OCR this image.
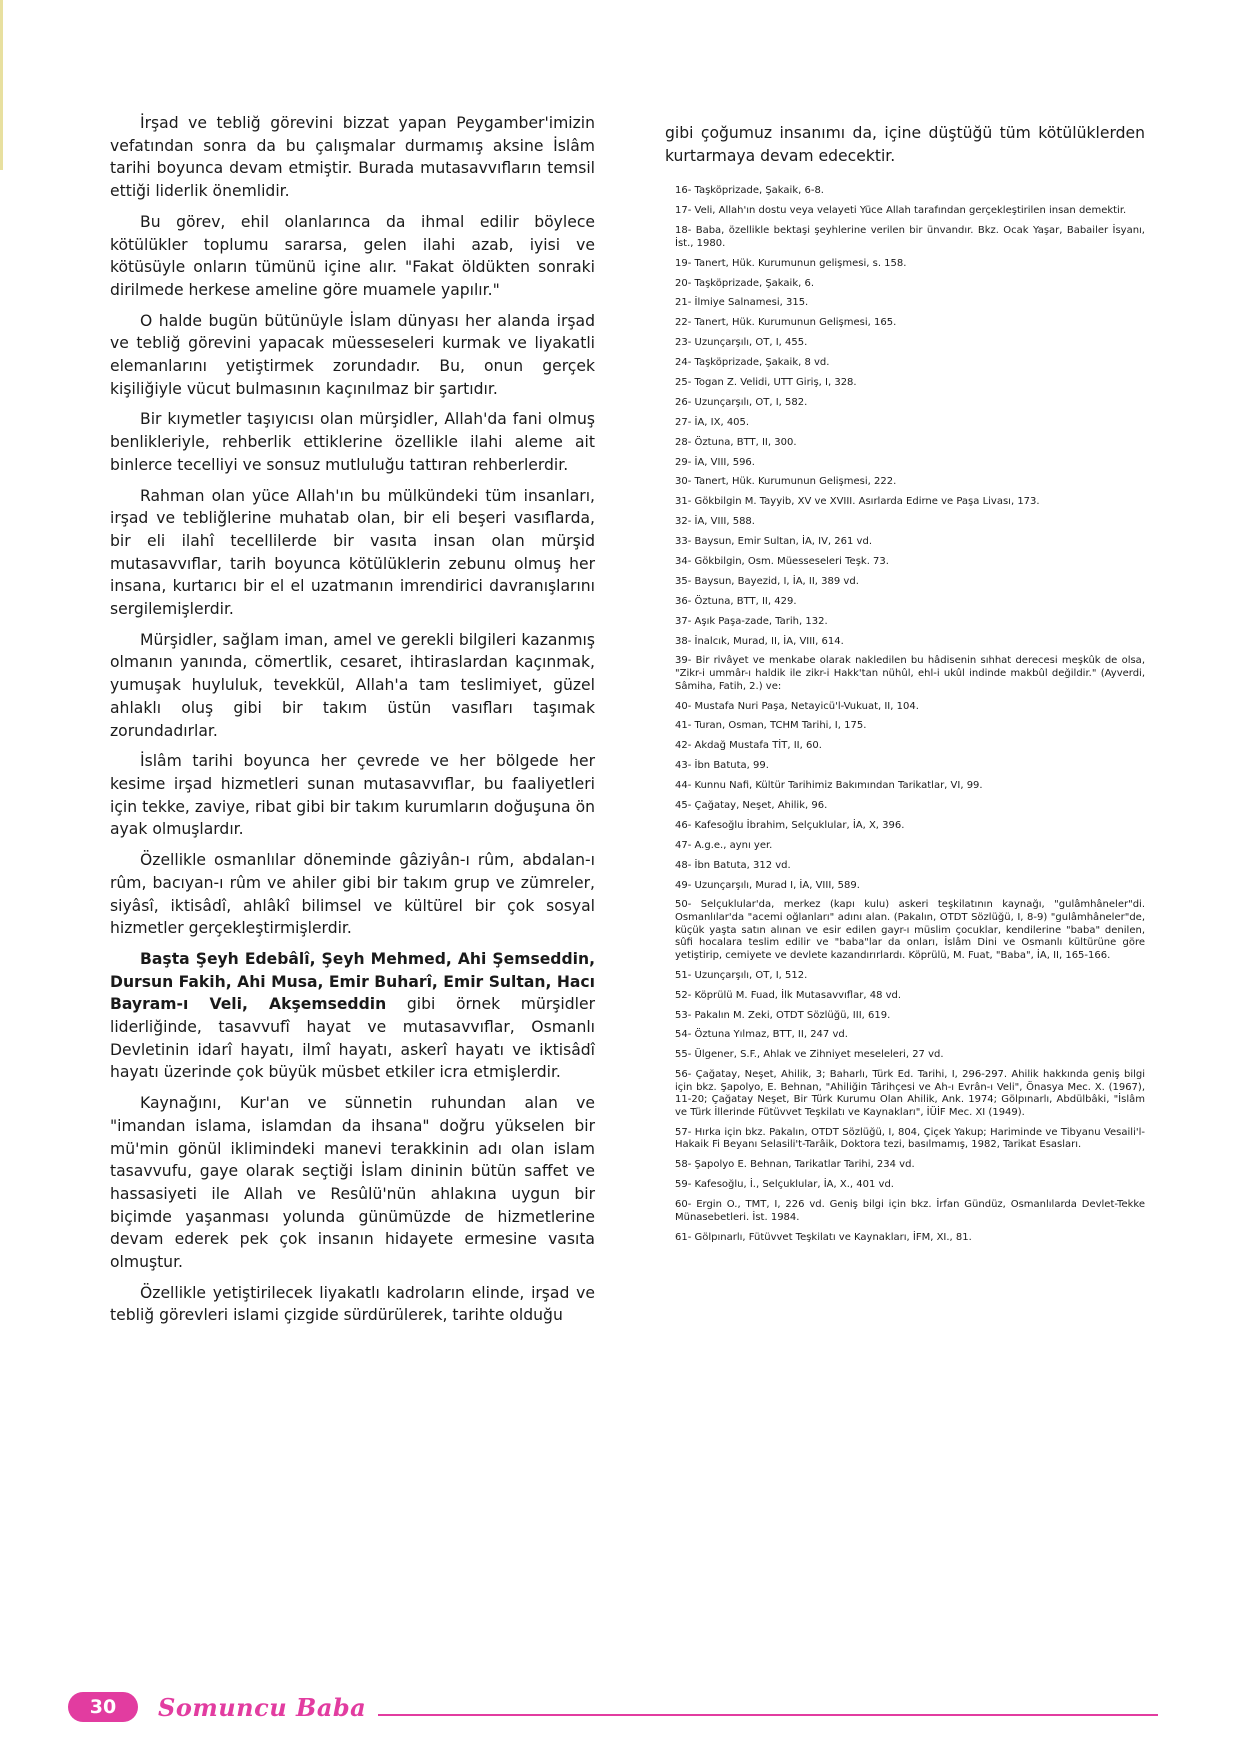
İrşad ve tebliğ görevini bizzat yapan Peygamber'imizin vefatından sonra da bu çalışmalar durmamış aksine İslâm tarihi boyunca devam etmiştir. Burada mutasavvıfların temsil ettiği liderlik önemlidir.

Bu görev, ehil olanlarınca da ihmal edilir böylece kötülükler toplumu sararsa, gelen ilahi azab, iyisi ve kötüsüyle onların tümünü içine alır. "Fakat öldükten sonraki dirilmede herkese ameline göre muamele yapılır."

O halde bugün bütünüyle İslam dünyası her alanda irşad ve tebliğ görevini yapacak müesseseleri kurmak ve liyakatli elemanlarını yetiştirmek zorundadır. Bu, onun gerçek kişiliğiyle vücut bulmasının kaçınılmaz bir şartıdır.

Bir kıymetler taşıyıcısı olan mürşidler, Allah'da fani olmuş benlikleriyle, rehberlik ettiklerine özellikle ilahi aleme ait binlerce tecelliyi ve sonsuz mutluluğu tattıran rehberlerdir.

Rahman olan yüce Allah'ın bu mülkündeki tüm insanları, irşad ve tebliğlerine muhatab olan, bir eli beşeri vasıflarda, bir eli ilahî tecellilerde bir vasıta insan olan mürşid mutasavvıflar, tarih boyunca kötülüklerin zebunu olmuş her insana, kurtarıcı bir el el uzatmanın imrendirici davranışlarını sergilemişlerdir.

Mürşidler, sağlam iman, amel ve gerekli bilgileri kazanmış olmanın yanında, cömertlik, cesaret, ihtiraslardan kaçınmak, yumuşak huyluluk, tevekkül, Allah'a tam teslimiyet, güzel ahlaklı oluş gibi bir takım üstün vasıfları taşımak zorundadırlar.

İslâm tarihi boyunca her çevrede ve her bölgede her kesime irşad hizmetleri sunan mutasavvıflar, bu faaliyetleri için tekke, zaviye, ribat gibi bir takım kurumların doğuşuna ön ayak olmuşlardır.

Özellikle osmanlılar döneminde gâziyân-ı rûm, abdalan-ı rûm, bacıyan-ı rûm ve ahiler gibi bir takım grup ve zümreler, siyâsî, iktisâdî, ahlâkî bilimsel ve kültürel bir çok sosyal hizmetler gerçekleştirmişlerdir.

Başta Şeyh Edebâlî, Şeyh Mehmed, Ahi Şemseddin, Dursun Fakih, Ahi Musa, Emir Buharî, Emir Sultan, Hacı Bayram-ı Veli, Akşemseddin gibi örnek mürşidler liderliğinde, tasavvufî hayat ve mutasavvıflar, Osmanlı Devletinin idarî hayatı, ilmî hayatı, askerî hayatı ve iktisâdî hayatı üzerinde çok büyük müsbet etkiler icra etmişlerdir.

Kaynağını, Kur'an ve sünnetin ruhundan alan ve "imandan islama, islamdan da ihsana" doğru yükselen bir mü'min gönül iklimindeki manevi terakkinin adı olan islam tasavvufu, gaye olarak seçtiği İslam dininin bütün saffet ve hassasiyeti ile Allah ve Resûlü'nün ahlakına uygun bir biçimde yaşanması yolunda günümüzde de hizmetlerine devam ederek pek çok insanın hidayete ermesine vasıta olmuştur.

Özellikle yetiştirilecek liyakatlı kadroların elinde, irşad ve tebliğ görevleri islami çizgide sürdürülerek, tarihte olduğu

gibi çoğumuz insanımı da, içine düştüğü tüm kötülüklerden kurtarmaya devam edecektir.

16- Taşköprizade, Şakaik, 6-8.
17- Veli, Allah'ın dostu veya velayeti Yüce Allah tarafından gerçekleştirilen insan demektir.
18- Baba, özellikle bektaşi şeyhlerine verilen bir ünvandır. Bkz. Ocak Yaşar, Babailer İsyanı, İst., 1980.
19- Tanert, Hük. Kurumunun gelişmesi, s. 158.
20- Taşköprizade, Şakaik, 6.
21- İlmiye Salnamesi, 315.
22- Tanert, Hük. Kurumunun Gelişmesi, 165.
23- Uzunçarşılı, OT, I, 455.
24- Taşköprizade, Şakaik, 8 vd.
25- Togan Z. Velidi, UTT Giriş, I, 328.
26- Uzunçarşılı, OT, I, 582.
27- İA, IX, 405.
28- Öztuna, BTT, II, 300.
29- İA, VIII, 596.
30- Tanert, Hük. Kurumunun Gelişmesi, 222.
31- Gökbilgin M. Tayyib, XV ve XVIII. Asırlarda Edirne ve Paşa Livası, 173.
32- İA, VIII, 588.
33- Baysun, Emir Sultan, İA, IV, 261 vd.
34- Gökbilgin, Osm. Müesseseleri Teşk. 73.
35- Baysun, Bayezid, I, İA, II, 389 vd.
36- Öztuna, BTT, II, 429.
37- Aşık Paşa-zade, Tarih, 132.
38- İnalcık, Murad, II, İA, VIII, 614.
39- Bir rivâyet ve menkabe olarak nakledilen bu hâdisenin sıhhat derecesi meşkûk de olsa, "Zikr-i ummâr-ı haldik ile zikr-i Hakk'tan nühûl, ehl-i ukûl indinde makbûl değildir." (Ayverdi, Sâmiha, Fatih, 2.) ve:
40- Mustafa Nuri Paşa, Netayicü'l-Vukuat, II, 104.
41- Turan, Osman, TCHM Tarihi, I, 175.
42- Akdağ Mustafa TİT, II, 60.
43- İbn Batuta, 99.
44- Kunnu Nafi, Kültür Tarihimiz Bakımından Tarikatlar, VI, 99.
45- Çağatay, Neşet, Ahilik, 96.
46- Kafesoğlu İbrahim, Selçuklular, İA, X, 396.
47- A.g.e., aynı yer.
48- İbn Batuta, 312 vd.
49- Uzunçarşılı, Murad I, İA, VIII, 589.
50- Selçuklular'da, merkez (kapı kulu) askeri teşkilatının kaynağı, "gulâmhâneler"di. Osmanlılar'da "acemi oğlanları" adını alan. (Pakalın, OTDT Sözlüğü, I, 8-9) "gulâmhâneler"de, küçük yaşta satın alınan ve esir edilen gayr-ı müslim çocuklar, kendilerine "baba" denilen, sûfi hocalara teslim edilir ve "baba"lar da onları, İslâm Dini ve Osmanlı kültürüne göre yetiştirip, cemiyete ve devlete kazandırırlardı. Köprülü, M. Fuat, "Baba", İA, II, 165-166.
51- Uzunçarşılı, OT, I, 512.
52- Köprülü M. Fuad, İlk Mutasavvıflar, 48 vd.
53- Pakalın M. Zeki, OTDT Sözlüğü, III, 619.
54- Öztuna Yılmaz, BTT, II, 247 vd.
55- Ülgener, S.F., Ahlak ve Zihniyet meseleleri, 27 vd.
56- Çağatay, Neşet, Ahilik, 3; Baharlı, Türk Ed. Tarihi, I, 296-297. Ahilik hakkında geniş bilgi için bkz. Şapolyo, E. Behnan, "Ahiliğin Târihçesi ve Ah-ı Evrân-ı Veli", Önasya Mec. X. (1967), 11-20; Çağatay Neşet, Bir Türk Kurumu Olan Ahilik, Ank. 1974; Gölpınarlı, Abdülbâki, "İslâm ve Türk İllerinde Fütüvvet Teşkilatı ve Kaynakları", İÜİF Mec. XI (1949).
57- Hırka için bkz. Pakalın, OTDT Sözlüğü, I, 804, Çiçek Yakup; Hariminde ve Tibyanu Vesaili'l-Hakaik Fi Beyanı Selasili't-Tarâik, Doktora tezi, basılmamış, 1982, Tarikat Esasları.
58- Şapolyo E. Behnan, Tarikatlar Tarihi, 234 vd.
59- Kafesoğlu, İ., Selçuklular, İA, X., 401 vd.
60- Ergin O., TMT, I, 226 vd. Geniş bilgi için bkz. İrfan Gündüz, Osmanlılarda Devlet-Tekke Münasebetleri. İst. 1984.
61- Gölpınarlı, Fütüvvet Teşkilatı ve Kaynakları, İFM, XI., 81.
30	Somuncu Baba
